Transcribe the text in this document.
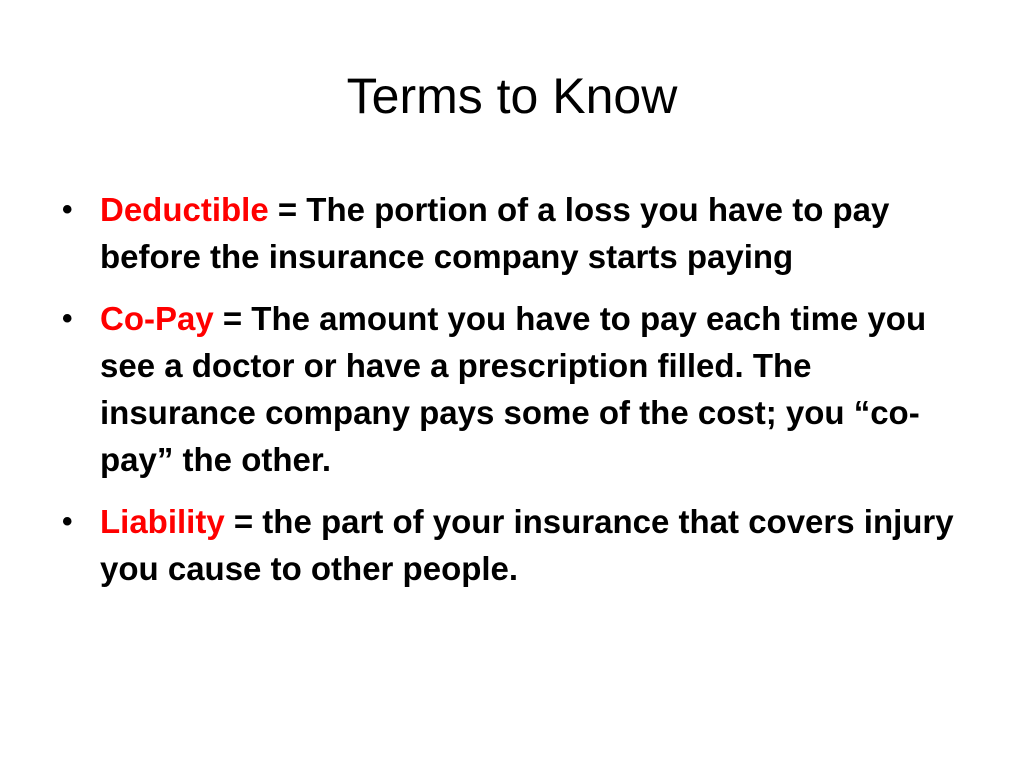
Terms to Know
• Deductible = The portion of a loss you have to pay before the insurance company starts paying
• Co-Pay = The amount you have to pay each time you see a doctor or have a prescription filled. The insurance company pays some of the cost; you “co-pay” the other.
• Liability = the part of your insurance that covers injury you cause to other people.
